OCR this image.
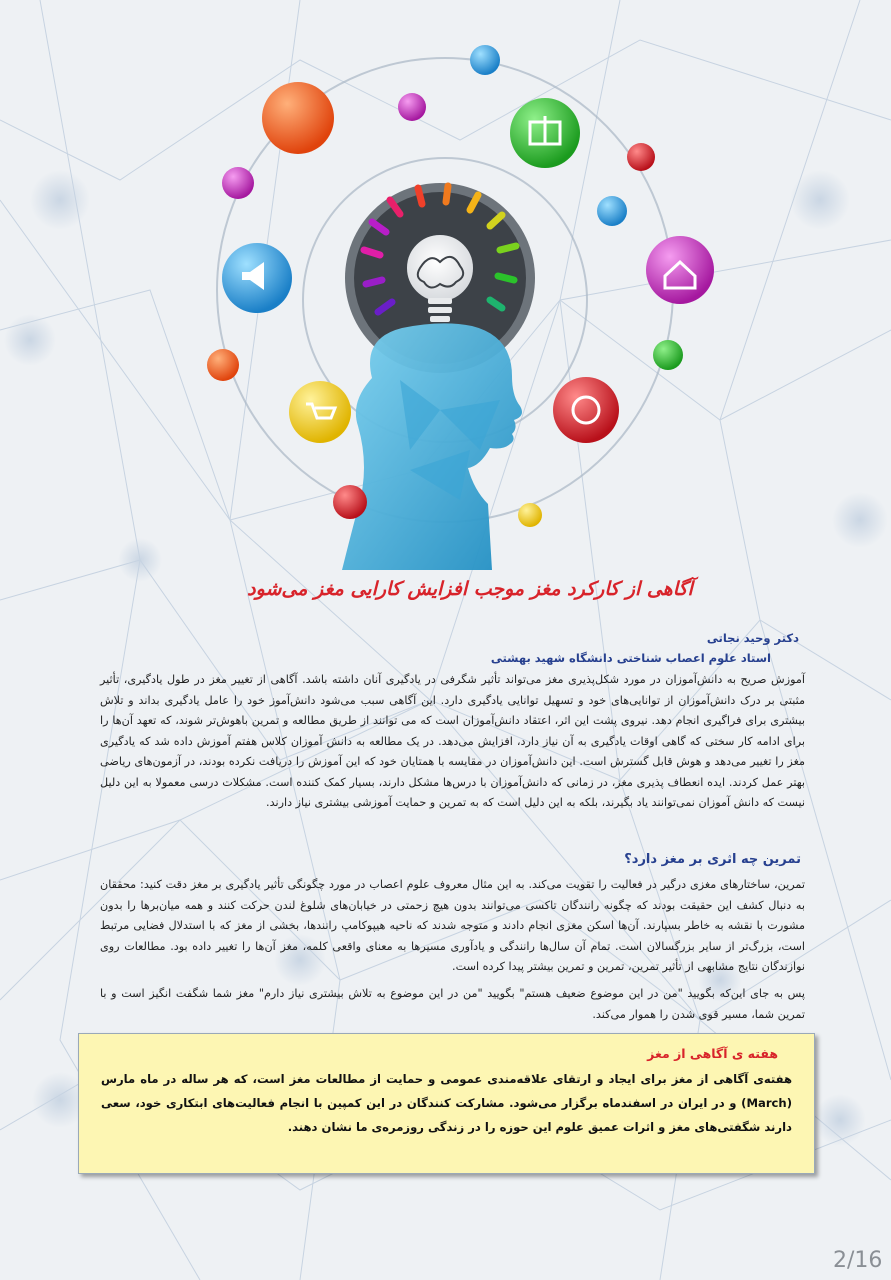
آگاهی از کارکرد مغز موجب افزایش کارایی مغز می‌شود
دکتر وحید نجاتی
استاد علوم اعصاب شناختی دانشگاه شهید بهشتی
آموزش صریح به دانش‌آموزان در مورد شکل‌پذیری مغز می‌تواند تأثیر شگرفی در یادگیری آنان داشته باشد. آگاهی از تغییر مغز در طول یادگیری، تأثیر مثبتی بر درک دانش‌آموزان از توانایی‌های خود و تسهیل توانایی یادگیری دارد. این آگاهی سبب می‌شود دانش‌آموز خود را عامل یادگیری بداند و تلاش بیشتری برای فراگیری انجام دهد. نیروی پشت این اثر، اعتقاد دانش‌آموزان است که می توانند از طریق مطالعه و تمرین باهوش‌تر شوند، که تعهد آن‌ها را برای ادامه کار سختی که گاهی اوقات یادگیری به آن نیاز دارد، افزایش می‌دهد. در یک مطالعه به دانش آموزان کلاس هفتم آموزش داده شد که یادگیری مغز را تغییر می‌دهد و هوش قابل گسترش است. این دانش‌آموزان در مقایسه با همتایان خود که این آموزش را دریافت نکرده بودند، در آزمون‌های ریاضی بهتر عمل کردند. ایده انعطاف پذیری مغز، در زمانی که دانش‌آموزان با درس‌ها مشکل دارند، بسیار کمک کننده است. مشکلات درسی معمولا به این دلیل نیست که دانش آموزان نمی‌توانند یاد بگیرند، بلکه به این دلیل است که به تمرین و حمایت آموزشی بیشتری نیاز دارند.
تمرین چه اثری بر مغز دارد؟
تمرین، ساختارهای مغزی درگیر در فعالیت را تقویت می‌کند. به این مثال معروف علوم اعصاب در مورد چگونگی تأثیر یادگیری بر مغز دقت کنید: محققان به دنبال کشف این حقیقت بودند که چگونه رانندگان تاکسی می‌توانند بدون هیچ زحمتی در خیابان‌های شلوغ لندن حرکت کنند و همه میان‌برها را بدون مشورت با نقشه به خاطر بسپارند. آن‌ها اسکن مغزی انجام دادند و متوجه شدند که ناحیه هیپوکامپ رانندها، بخشی از مغز که با استدلال فضایی مرتبط است، بزرگ‌تر از سایر بزرگسالان است. تمام آن سال‌ها رانندگی و یادآوری مسیرها به معنای واقعی کلمه، مغز آن‌ها را تغییر داده بود. مطالعات روی نوازندگان نتایج مشابهی از تأثیر تمرین، تمرین و تمرین بیشتر پیدا کرده است.
پس به جای این‌که بگویید "من در این موضوع ضعیف هستم" بگویید "من در این موضوع به تلاش بیشتری نیاز دارم" مغز شما شگفت انگیز است و با تمرین شما، مسیر قوی شدن را هموار می‌کند.
هفته ی آگاهی از مغز
هفته‌ی آگاهی از مغز برای ایجاد و ارتقای علاقه‌مندی عمومی و حمایت از مطالعات مغز است، که هر ساله در ماه مارس (March) و در ایران در اسفندماه برگزار می‌شود. مشارکت کنندگان در این کمپین با انجام فعالیت‌های ابتکاری خود، سعی دارند شگفتی‌های مغز و اثرات عمیق علوم این حوزه را در زندگی روزمره‌ی ما نشان دهند.
2/16
